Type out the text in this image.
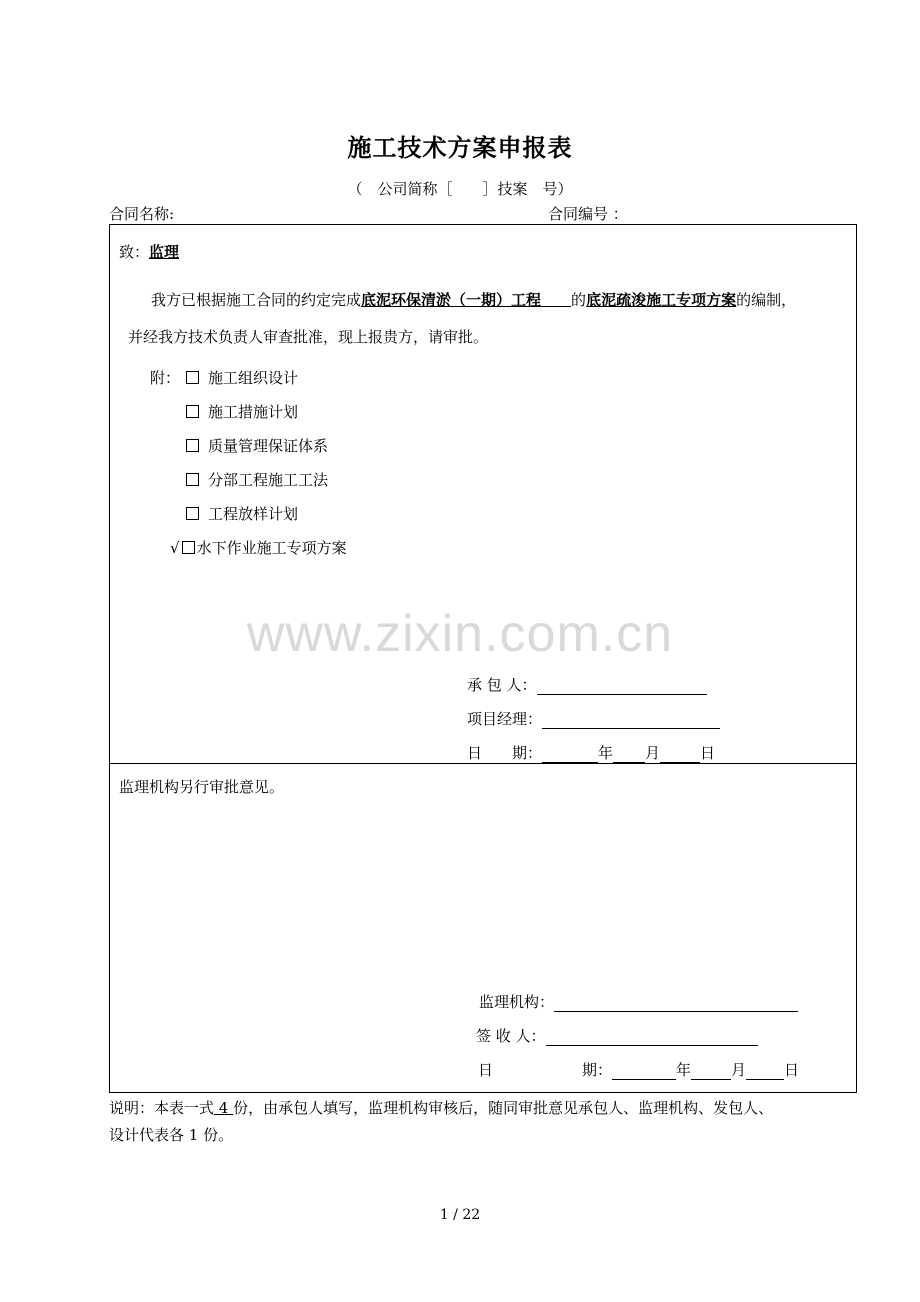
施工技术方案申报表
（　公司简称［　　］技案　号）
合同名称:	合同编号 ：
致：监理
我方已根据施工合同的约定完成底泥环保清淤（一期）工程　　 的底泥疏浚施工专项方案的编制，
并经我方技术负责人审查批准，现上报贵方，请审批。
附：	施工组织设计
施工措施计划
质量管理保证体系
分部工程施工工法
工程放样计划
√ 水下作业施工专项方案
www.zixin.com.cn
承 包 人：
项目经理：
日　　期：	年 月	日
监理机构另行审批意见。
监理机构：
签 收 人：
日	期：	年	月	日
说明：本表一式 4 份，由承包人填写，监理机构审核后，随同审批意见承包人、监理机构、发包人、
设计代表各 1 份。
1 / 22
